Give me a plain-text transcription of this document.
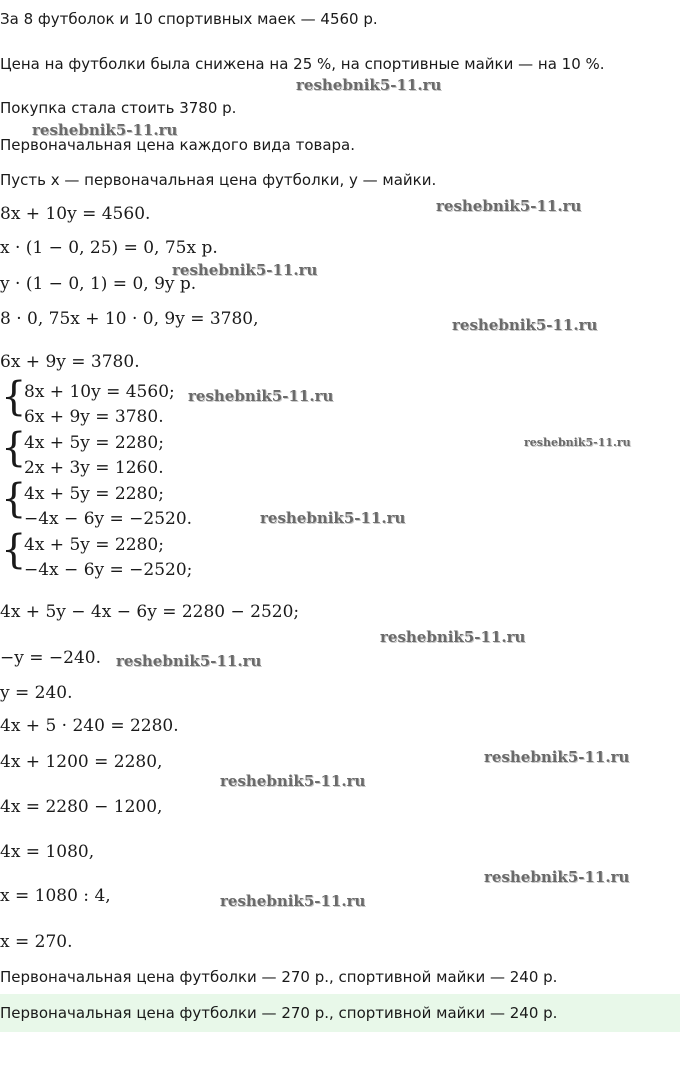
За 8 футболок и 10 спортивных маек — 4560 р.
Цена на футболки была снижена на 25 %, на спортивные майки — на 10 %.
Покупка стала стоить 3780 р.
Первоначальная цена каждого вида товара.
Пусть x — первоначальная цена футболки, y — майки.
8x + 10y = 4560.
x · (1 − 0, 25) = 0, 75x р.
y · (1 − 0, 1) = 0, 9y р.
8 · 0, 75x + 10 · 0, 9y = 3780,
6x + 9y = 3780.
{
8x + 10y = 4560;
6x + 9y = 3780.
{
4x + 5y = 2280;
2x + 3y = 1260.
{
4x + 5y = 2280;
−4x − 6y = −2520.
{
4x + 5y = 2280;
−4x − 6y = −2520;
4x + 5y − 4x − 6y = 2280 − 2520;
−y = −240.
y = 240.
4x + 5 · 240 = 2280.
4x + 1200 = 2280,
4x = 2280 − 1200,
4x = 1080,
x = 1080 : 4,
x = 270.
Первоначальная цена футболки — 270 р., спортивной майки — 240 р.
Первоначальная цена футболки — 270 р., спортивной майки — 240 р.
reshebnik5-11.ru
reshebnik5-11.ru
reshebnik5-11.ru
reshebnik5-11.ru
reshebnik5-11.ru
reshebnik5-11.ru
reshebnik5-11.ru
reshebnik5-11.ru
reshebnik5-11.ru
reshebnik5-11.ru
reshebnik5-11.ru
reshebnik5-11.ru
reshebnik5-11.ru
reshebnik5-11.ru
